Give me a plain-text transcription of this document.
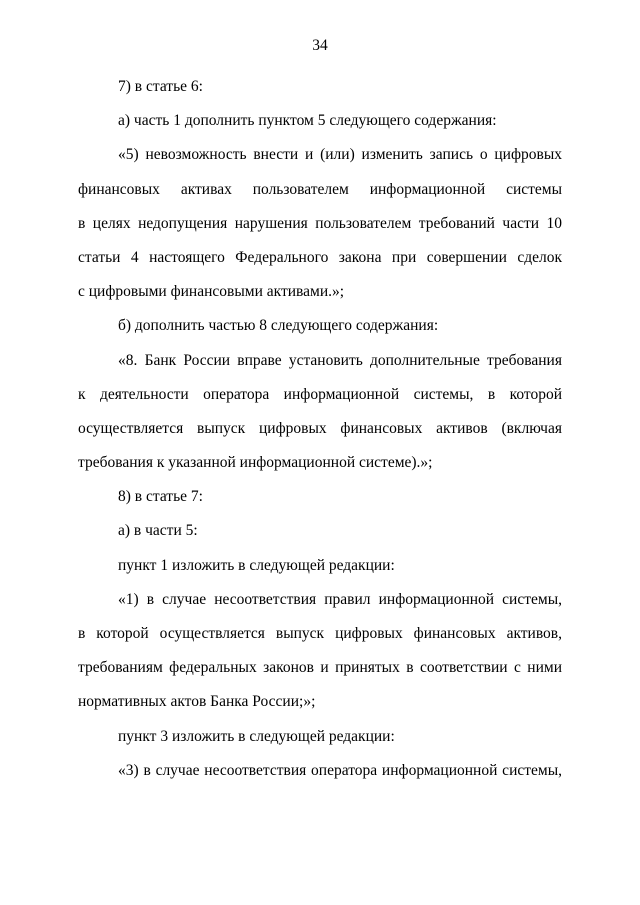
34
7) в статье 6:
а) часть 1 дополнить пунктом 5 следующего содержания:
«5) невозможность внести и (или) изменить запись о цифровых
финансовых активах пользователем информационной системы
в целях недопущения нарушения пользователем требований части 10
статьи 4 настоящего Федерального закона при совершении сделок
с цифровыми финансовыми активами.»;
б) дополнить частью 8 следующего содержания:
«8. Банк России вправе установить дополнительные требования
к деятельности оператора информационной системы, в которой
осуществляется выпуск цифровых финансовых активов (включая
требования к указанной информационной системе).»;
8) в статье 7:
а) в части 5:
пункт 1 изложить в следующей редакции:
«1) в случае несоответствия правил информационной системы,
в которой осуществляется выпуск цифровых финансовых активов,
требованиям федеральных законов и принятых в соответствии с ними
нормативных актов Банка России;»;
пункт 3 изложить в следующей редакции:
«3) в случае несоответствия оператора информационной системы,
